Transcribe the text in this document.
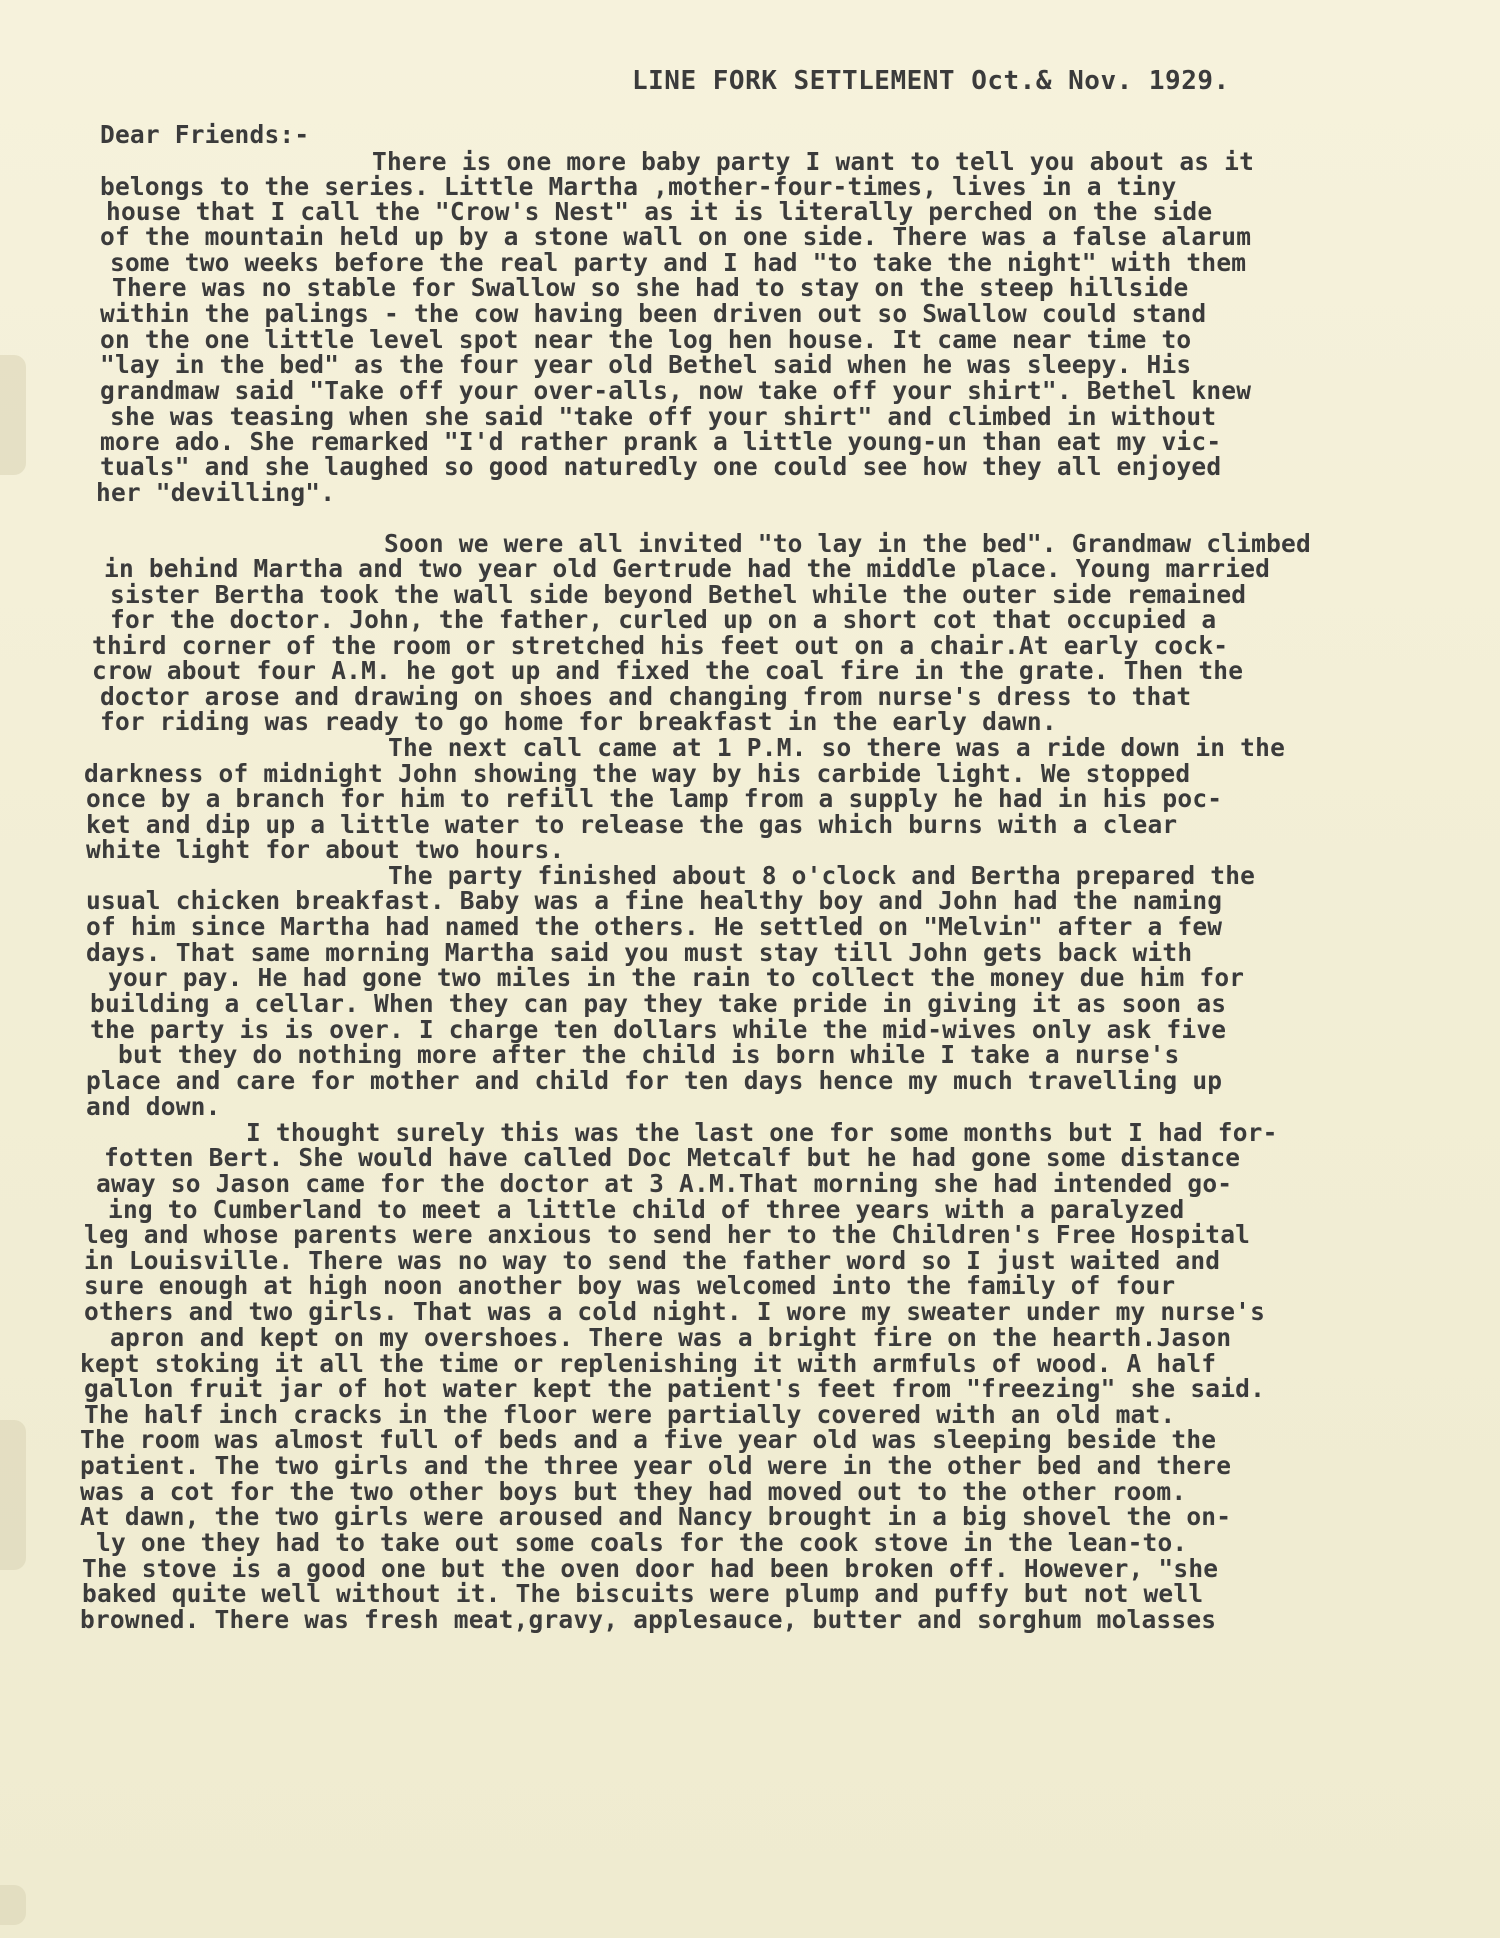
LINE FORK SETTLEMENT Oct.& Nov. 1929.
Dear Friends:-
There is one more baby party I want to tell you about as it
belongs to the series. Little Martha ,mother-four-times, lives in a tiny
house that I call the "Crow's Nest" as it is literally perched on the side
of the mountain held up by a stone wall on one side. There was a false alarum
some two weeks before the real party and I had "to take the night" with them
There was no stable for Swallow so she had to stay on the steep hillside
within the palings - the cow having been driven out so Swallow could stand
on the one little level spot near the log hen house. It came near time to
"lay in the bed" as the four year old Bethel said when he was sleepy. His
grandmaw said "Take off your over-alls, now take off your shirt". Bethel knew
she was teasing when she said "take off your shirt" and climbed in without
more ado. She remarked "I'd rather prank a little young-un than eat my vic-
tuals" and she laughed so good naturedly one could see how they all enjoyed
her "devilling".
Soon we were all invited "to lay in the bed". Grandmaw climbed
in behind Martha and two year old Gertrude had the middle place. Young married
sister Bertha took the wall side beyond Bethel while the outer side remained
for the doctor. John, the father, curled up on a short cot that occupied a
third corner of the room or stretched his feet out on a chair.At early cock-
crow about four A.M. he got up and fixed the coal fire in the grate. Then the
doctor arose and drawing on shoes and changing from nurse's dress to that
for riding was ready to go home for breakfast in the early dawn.
The next call came at 1 P.M. so there was a ride down in the
darkness of midnight John showing the way by his carbide light. We stopped
once by a branch for him to refill the lamp from a supply he had in his poc-
ket and dip up a little water to release the gas which burns with a clear
white light for about two hours.
The party finished about 8 o'clock and Bertha prepared the
usual chicken breakfast. Baby was a fine healthy boy and John had the naming
of him since Martha had named the others. He settled on "Melvin" after a few
days. That same morning Martha said you must stay till John gets back with
your pay. He had gone two miles in the rain to collect the money due him for
building a cellar. When they can pay they take pride in giving it as soon as
the party is is over. I charge ten dollars while the mid-wives only ask five
but they do nothing more after the child is born while I take a nurse's
place and care for mother and child for ten days hence my much travelling up
and down.
I thought surely this was the last one for some months but I had for-
fotten Bert. She would have called Doc Metcalf but he had gone some distance
away so Jason came for the doctor at 3 A.M.That morning she had intended go-
ing to Cumberland to meet a little child of three years with a paralyzed
leg and whose parents were anxious to send her to the Children's Free Hospital
in Louisville. There was no way to send the father word so I just waited and
sure enough at high noon another boy was welcomed into the family of four
others and two girls. That was a cold night. I wore my sweater under my nurse's
apron and kept on my overshoes. There was a bright fire on the hearth.Jason
kept stoking it all the time or replenishing it with armfuls of wood. A half
gallon fruit jar of hot water kept the patient's feet from "freezing" she said.
The half inch cracks in the floor were partially covered with an old mat.
The room was almost full of beds and a five year old was sleeping beside the
patient. The two girls and the three year old were in the other bed and there
was a cot for the two other boys but they had moved out to the other room.
At dawn, the two girls were aroused and Nancy brought in a big shovel the on-
ly one they had to take out some coals for the cook stove in the lean-to.
The stove is a good one but the oven door had been broken off. However, "she
baked quite well without it. The biscuits were plump and puffy but not well
browned. There was fresh meat,gravy, applesauce, butter and sorghum molasses
